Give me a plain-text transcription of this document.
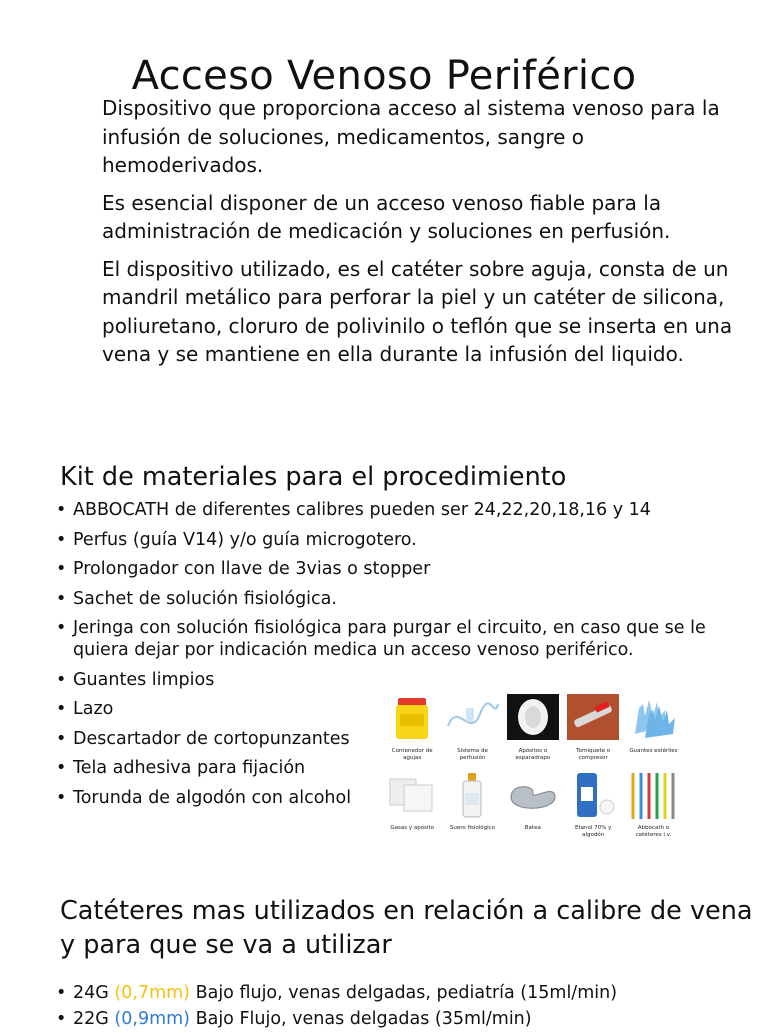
Acceso Venoso Periférico

Dispositivo que proporciona acceso al sistema venoso para la infusión de soluciones, medicamentos, sangre o hemoderivados.

Es esencial disponer de un acceso venoso fiable para la administración de medicación y soluciones en perfusión.

El dispositivo utilizado, es el catéter sobre aguja, consta de un mandril metálico para perforar la piel y un catéter de silicona, poliuretano, cloruro de polivinilo o teflón que se inserta en una vena y se mantiene en ella durante la infusión del liquido.

Kit de materiales para el procedimiento
• ABBOCATH de diferentes calibres pueden ser 24,22,20,18,16 y 14
• Perfus (guía V14) y/o guía microgotero.
• Prolongador con llave de 3vias o stopper
• Sachet de solución fisiológica.
• Jeringa con solución fisiológica para purgar el circuito, en caso que se le quiera dejar por indicación medica un acceso venoso periférico.
• Guantes limpios
• Lazo
• Descartador de cortopunzantes
• Tela adhesiva para fijación
• Torunda de algodón con alcohol
Contenedor de agujas
Sistema de perfusión
Apósitos o esparadrapo
Torniquete o compresor
Guantes estériles
Gasas y apósito	Suero fisiológico	Batea	Etanol 70% y algodón
Abbocath o catéteres i.v.
Catéteres mas utilizados en relación a calibre de vena y para que se va a utilizar
• 24G (0,7mm) Bajo flujo, venas delgadas, pediatría (15ml/min)
• 22G (0,9mm) Bajo Flujo, venas delgadas (35ml/min)
